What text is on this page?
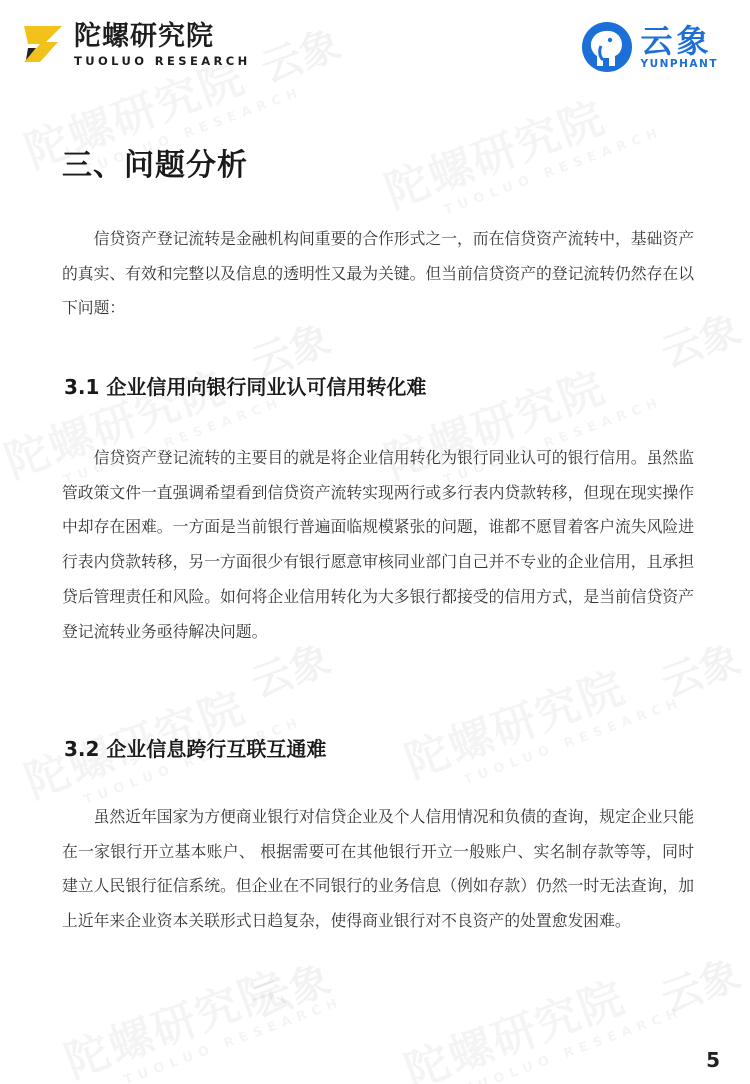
云象
云象
云象
云象
云象
云象
云象
陀螺研究院
TUOLUO RESEARCH
云象
YUNPHANT
三、问题分析

信贷资产登记流转是金融机构间重要的合作形式之一，而在信贷资产流转中，基础资产的真实、有效和完整以及信息的透明性又最为关键。但当前信贷资产的登记流转仍然存在以下问题：

3.1 企业信用向银行同业认可信用转化难

信贷资产登记流转的主要目的就是将企业信用转化为银行同业认可的银行信用。虽然监管政策文件一直强调希望看到信贷资产流转实现两行或多行表内贷款转移，但现在现实操作中却存在困难。一方面是当前银行普遍面临规模紧张的问题，谁都不愿冒着客户流失风险进行表内贷款转移，另一方面很少有银行愿意审核同业部门自己并不专业的企业信用，且承担贷后管理责任和风险。如何将企业信用转化为大多银行都接受的信用方式，是当前信贷资产登记流转业务亟待解决问题。

3.2 企业信息跨行互联互通难

虽然近年国家为方便商业银行对信贷企业及个人信用情况和负债的查询，规定企业只能在一家银行开立基本账户、 根据需要可在其他银行开立一般账户、实名制存款等等，同时建立人民银行征信系统。但企业在不同银行的业务信息（例如存款）仍然一时无法查询，加上近年来企业资本关联形式日趋复杂，使得商业银行对不良资产的处置愈发困难。

5
